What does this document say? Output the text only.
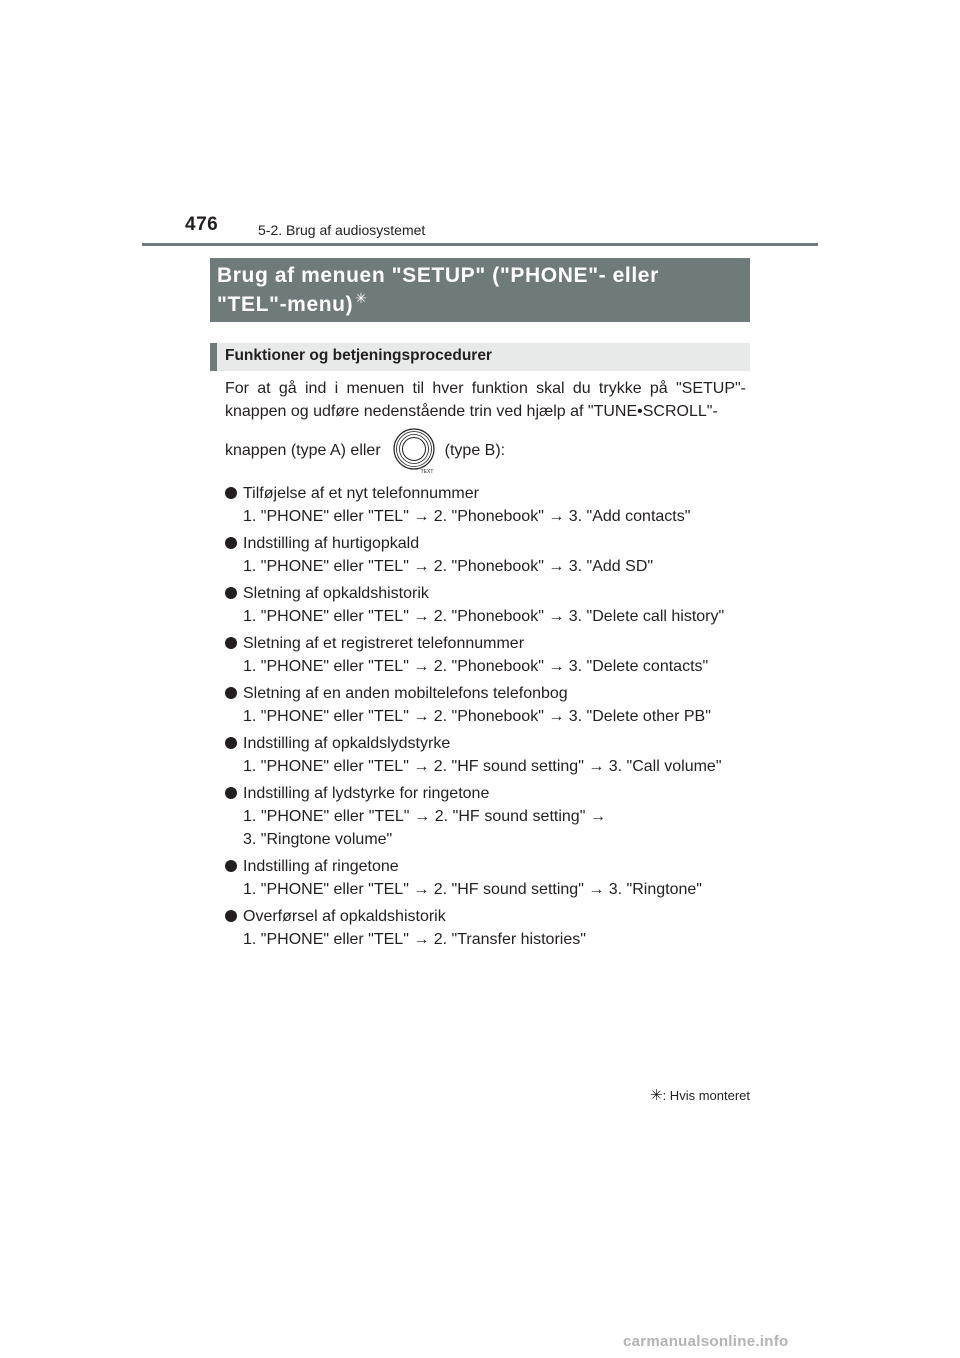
476	5-2. Brug af audiosystemet
Brug af menuen "SETUP" ("PHONE"- eller
"TEL"-menu) ✳
Funktioner og betjeningsprocedurer
For at gå ind i menuen til hver funktion skal du trykke på "SETUP"-knappen og udføre nedenstående trin ved hjælp af "TUNE•SCROLL"-
knappen (type A) eller
TEXT
(type B):
Tilføjelse af et nyt telefonnummer
1. "PHONE" eller "TEL" → 2. "Phonebook" → 3. "Add contacts"
Indstilling af hurtigopkald
1. "PHONE" eller "TEL" → 2. "Phonebook" → 3. "Add SD"
Sletning af opkaldshistorik
1. "PHONE" eller "TEL" → 2. "Phonebook" → 3. "Delete call history"
Sletning af et registreret telefonnummer
1. "PHONE" eller "TEL" → 2. "Phonebook" → 3. "Delete contacts"
Sletning af en anden mobiltelefons telefonbog
1. "PHONE" eller "TEL" → 2. "Phonebook" → 3. "Delete other PB"
Indstilling af opkaldslydstyrke
1. "PHONE" eller "TEL" → 2. "HF sound setting" → 3. "Call volume"
Indstilling af lydstyrke for ringetone
1. "PHONE" eller "TEL" → 2. "HF sound setting" → 3. "Ringtone volume"
Indstilling af ringetone
1. "PHONE" eller "TEL" → 2. "HF sound setting" → 3. "Ringtone"
Overførsel af opkaldshistorik
1. "PHONE" eller "TEL" → 2. "Transfer histories"
✳: Hvis monteret
carmanualsonline.info
